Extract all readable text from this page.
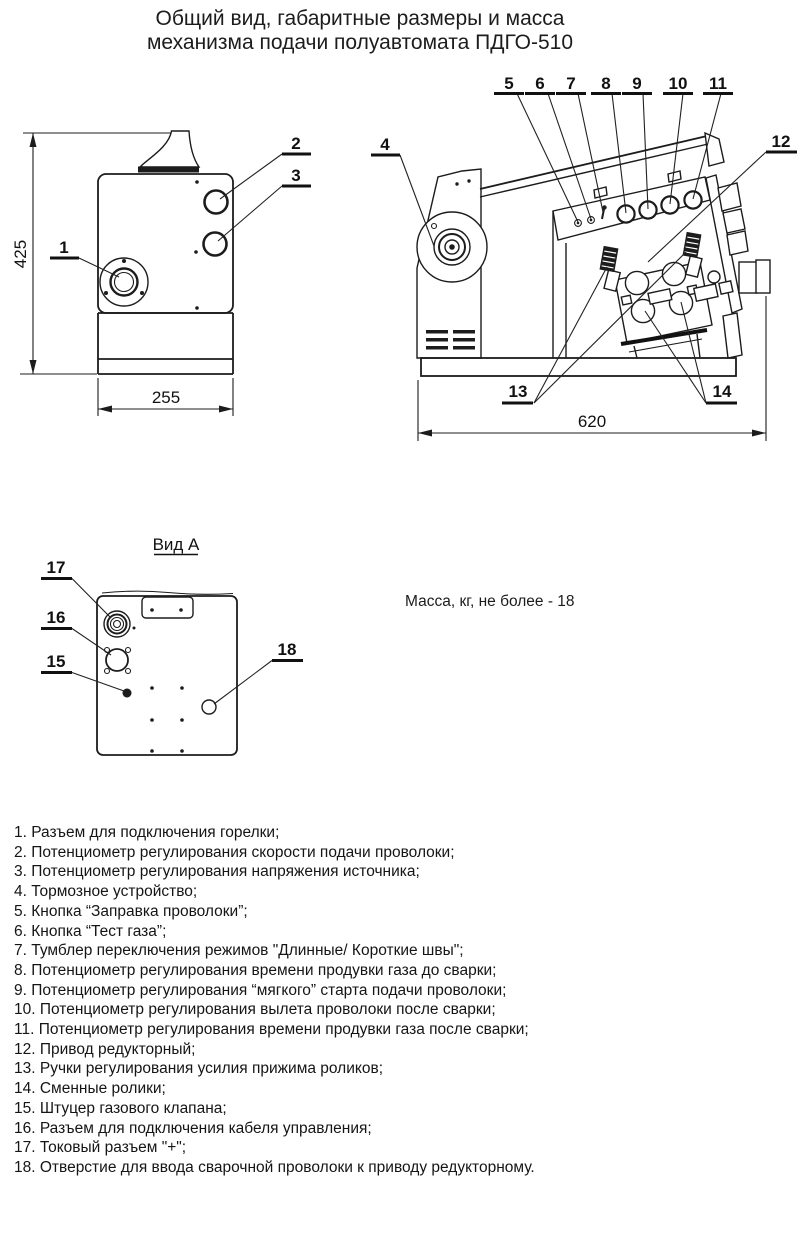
Общий вид, габаритные размеры и масса
механизма подачи полуавтомата ПДГО-510
425
255
1
2
3
620
4
5 6 7 8 9 10 11
12
13	14
Вид А
17
16
15
18
Масса, кг, не более - 18
1. Разъем для подключения горелки;
2. Потенциометр регулирования скорости подачи проволоки;
3. Потенциометр регулирования напряжения источника;
4. Тормозное устройство;
5. Кнопка “Заправка проволоки”;
6. Кнопка “Тест газа”;
7. Тумблер переключения режимов "Длинные/ Короткие швы";
8. Потенциометр регулирования времени продувки газа до сварки;
9. Потенциометр регулирования “мягкого” старта подачи проволоки;
10. Потенциометр регулирования вылета проволоки после сварки;
11. Потенциометр регулирования времени продувки газа после сварки;
12. Привод редукторный;
13. Ручки регулирования усилия прижима роликов;
14. Сменные ролики;
15. Штуцер газового клапана;
16. Разъем для подключения кабеля управления;
17. Токовый разъем "+";
18. Отверстие для ввода сварочной проволоки к приводу редукторному.
